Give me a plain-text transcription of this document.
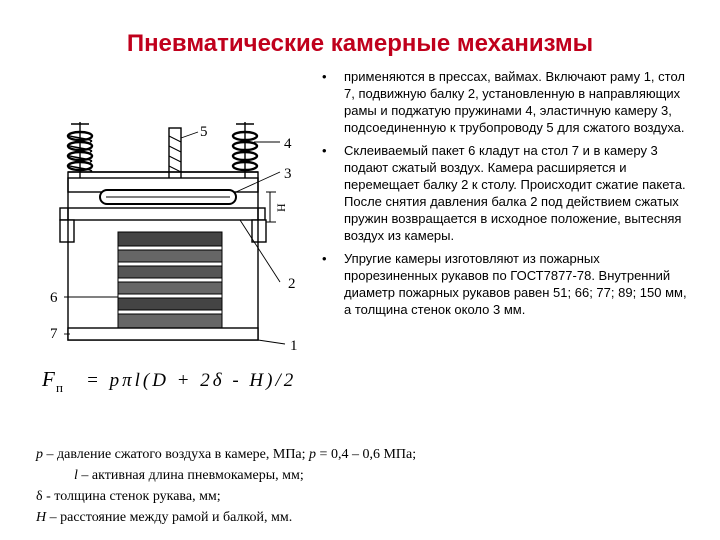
Пневматические камерные механизмы
5
4
3
H
6
2
7
1
• применяются в прессах, ваймах. Включают раму 1, стол 7, подвижную балку 2, установленную в направляющих рамы и поджатую пружинами 4, эластичную камеру 3, подсоединенную к трубопроводу 5 для сжатого воздуха.
• Склеиваемый пакет 6 кладут на стол 7 и в камеру 3 подают сжатый воздух. Камера расширяется и перемещает балку 2 к столу. Происходит сжатие пакета. После снятия давления балка 2 под действием сжатых пружин возвращается в исходное положение, вытесняя воздух из камеры.
• Упругие камеры изготовляют из пожарных прорезиненных рукавов по ГОСТ7877-78. Внутренний диаметр пожарных рукавов равен 51; 66; 77; 89; 150 мм, а толщина стенок около 3 мм.
F п = pπl(D + 2δ - H)/2
p – давление сжатого воздуха в камере, МПа; p = 0,4 – 0,6 МПа;
l – активная длина пневмокамеры, мм;
δ - толщина стенок рукава, мм;
H – расстояние между рамой и балкой, мм.
